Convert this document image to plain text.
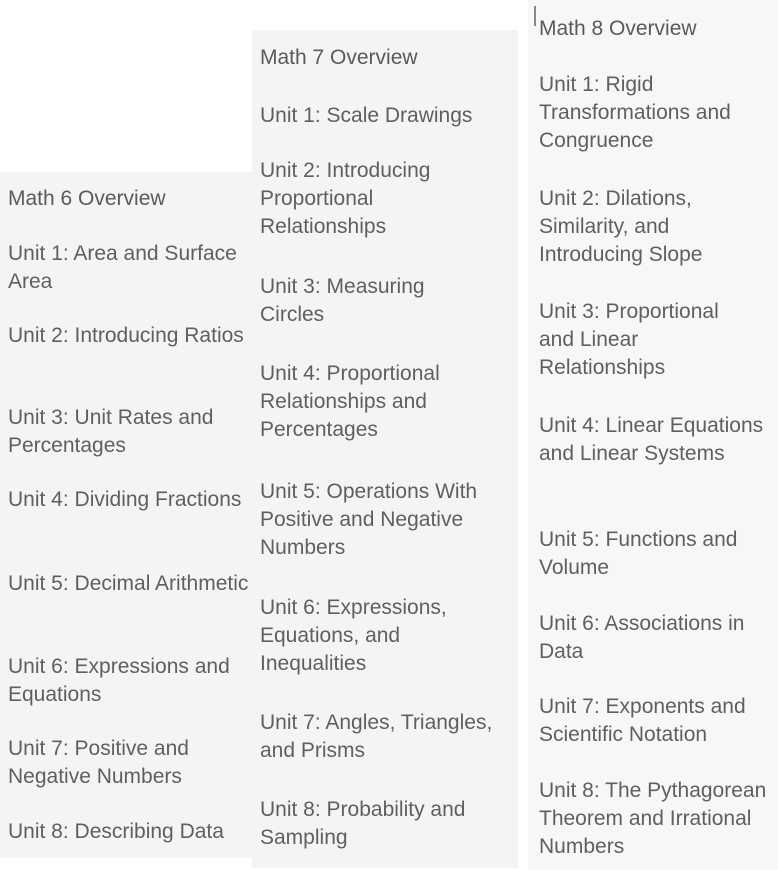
Math 6 Overview
Unit 1: Area and Surface Area
Unit 2: Introducing Ratios
Unit 3: Unit Rates and Percentages
Unit 4: Dividing Fractions
Unit 5: Decimal Arithmetic
Unit 6: Expressions and Equations
Unit 7: Positive and Negative Numbers
Unit 8: Describing Data
Math 7 Overview
Unit 1: Scale Drawings
Unit 2: Introducing Proportional Relationships
Unit 3: Measuring Circles
Unit 4: Proportional Relationships and Percentages
Unit 5: Operations With Positive and Negative Numbers
Unit 6: Expressions, Equations, and Inequalities
Unit 7: Angles, Triangles, and Prisms
Unit 8: Probability and Sampling
Math 8 Overview
Unit 1: Rigid Transformations and Congruence
Unit 2: Dilations, Similarity, and Introducing Slope
Unit 3: Proportional and Linear Relationships
Unit 4: Linear Equations and Linear Systems
Unit 5: Functions and Volume
Unit 6: Associations in Data
Unit 7: Exponents and Scientific Notation
Unit 8: The Pythagorean Theorem and Irrational Numbers
